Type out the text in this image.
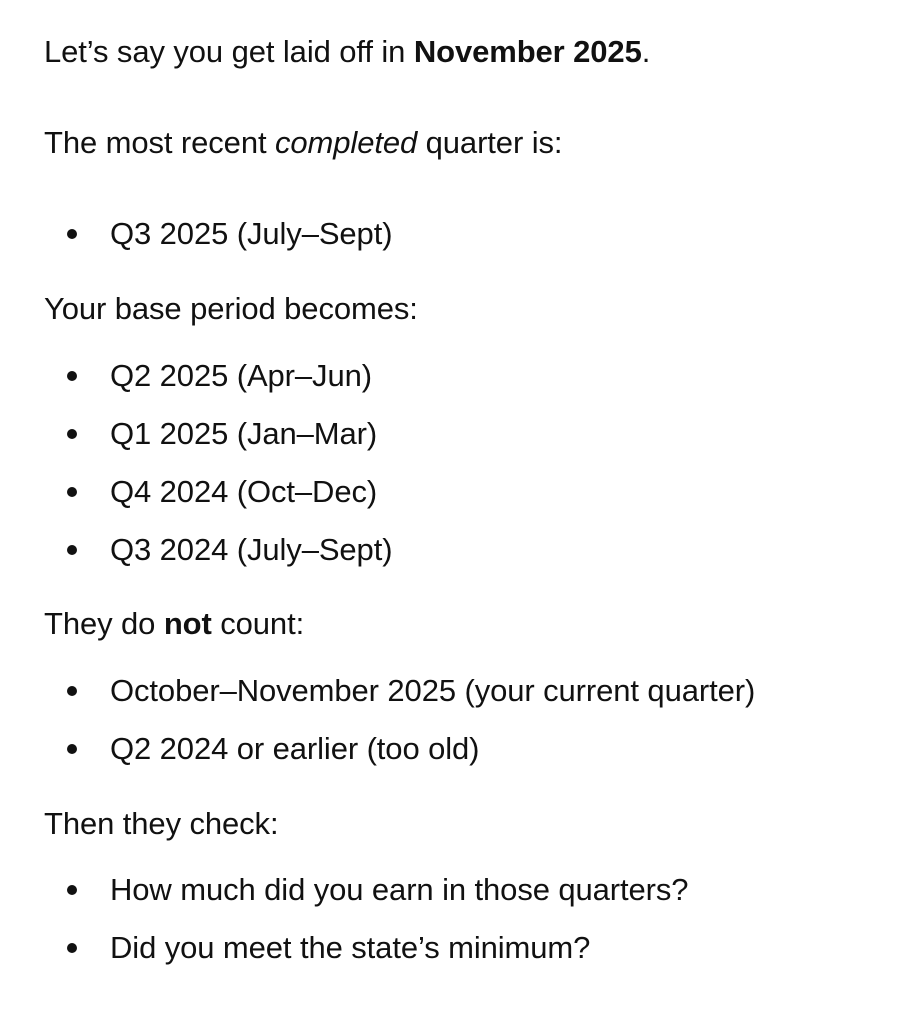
Let’s say you get laid off in November 2025.
The most recent completed quarter is:
Q3 2025 (July–Sept)
Your base period becomes:
Q2 2025 (Apr–Jun)
Q1 2025 (Jan–Mar)
Q4 2024 (Oct–Dec)
Q3 2024 (July–Sept)
They do not count:
October–November 2025 (your current quarter)
Q2 2024 or earlier (too old)
Then they check:
How much did you earn in those quarters?
Did you meet the state’s minimum?
